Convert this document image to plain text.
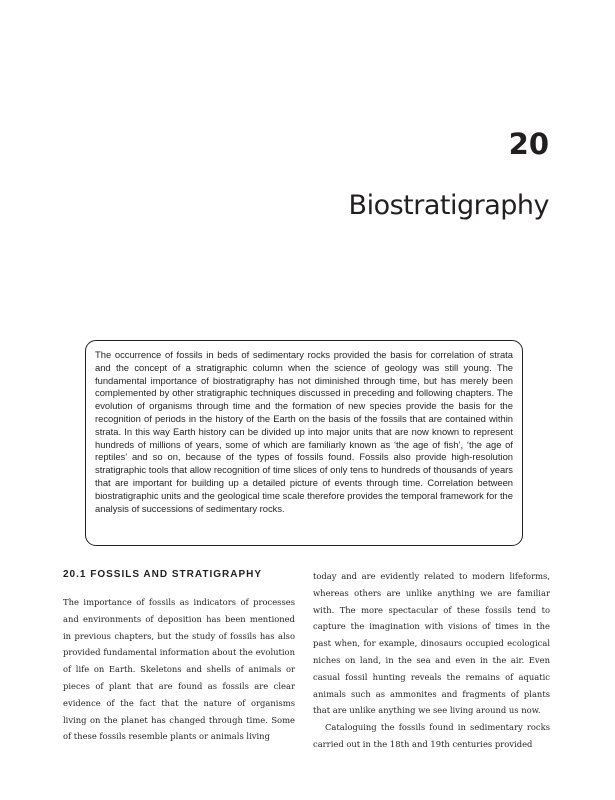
20
Biostratigraphy

The occurrence of fossils in beds of sedimentary rocks provided the basis for correlation of strata and the concept of a stratigraphic column when the science of geology was still young. The fundamental importance of biostratigraphy has not diminished through time, but has merely been complemented by other stratigraphic techniques discussed in preceding and following chapters. The evolution of organisms through time and the formation of new species provide the basis for the recognition of periods in the history of the Earth on the basis of the fossils that are contained within strata. In this way Earth history can be divided up into major units that are now known to represent hundreds of millions of years, some of which are familiarly known as ‘the age of fish’, ‘the age of reptiles’ and so on, because of the types of fossils found. Fossils also provide high-resolution stratigraphic tools that allow recognition of time slices of only tens to hundreds of thousands of years that are important for building up a detailed picture of events through time. Correlation between biostratigraphic units and the geological time scale therefore provides the temporal framework for the analysis of successions of sedimentary rocks.

20.1 FOSSILS AND STRATIGRAPHY

The importance of fossils as indicators of processes and environments of deposition has been mentioned in previous chapters, but the study of fossils has also provided fundamental information about the evolution of life on Earth. Skeletons and shells of animals or pieces of plant that are found as fossils are clear evidence of the fact that the nature of organisms living on the planet has changed through time. Some of these fossils resemble plants or animals living

today and are evidently related to modern lifeforms, whereas others are unlike anything we are familiar with. The more spectacular of these fossils tend to capture the imagination with visions of times in the past when, for example, dinosaurs occupied ecological niches on land, in the sea and even in the air. Even casual fossil hunting reveals the remains of aquatic animals such as ammonites and fragments of plants that are unlike anything we see living around us now.

Cataloguing the fossils found in sedimentary rocks carried out in the 18th and 19th centuries provided
